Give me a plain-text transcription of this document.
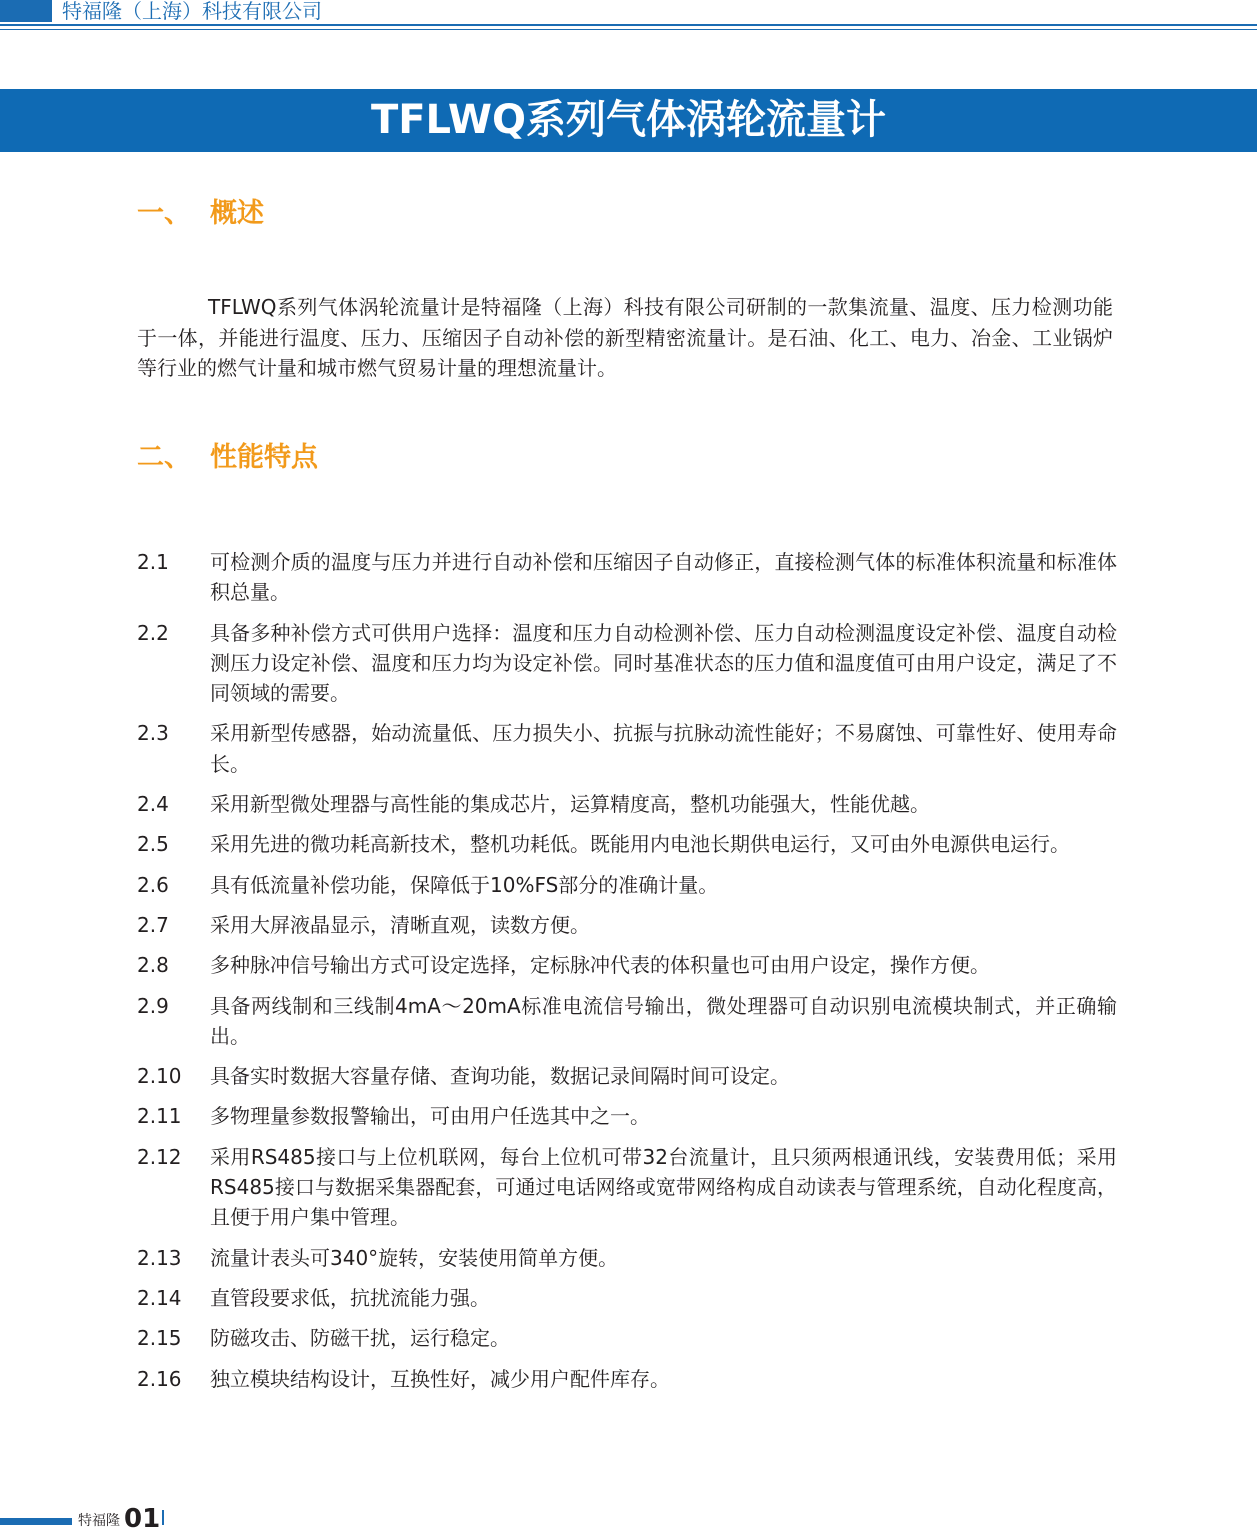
特福隆（上海）科技有限公司
TFLWQ系列气体涡轮流量计
一、 概述

TFLWQ系列气体涡轮流量计是特福隆（上海）科技有限公司研制的一款集流量、温度、压力检测功能于一体，并能进行温度、压力、压缩因子自动补偿的新型精密流量计。是石油、化工、电力、冶金、工业锅炉等行业的燃气计量和城市燃气贸易计量的理想流量计。

二、 性能特点
2.1 可检测介质的温度与压力并进行自动补偿和压缩因子自动修正，直接检测气体的标准体积流量和标准体积总量。
2.2 具备多种补偿方式可供用户选择：温度和压力自动检测补偿、压力自动检测温度设定补偿、温度自动检测压力设定补偿、温度和压力均为设定补偿。同时基准状态的压力值和温度值可由用户设定，满足了不同领域的需要。
2.3 采用新型传感器，始动流量低、压力损失小、抗振与抗脉动流性能好；不易腐蚀、可靠性好、使用寿命长。
2.4 采用新型微处理器与高性能的集成芯片，运算精度高，整机功能强大，性能优越。
2.5 采用先进的微功耗高新技术，整机功耗低。既能用内电池长期供电运行，又可由外电源供电运行。
2.6 具有低流量补偿功能，保障低于10%FS部分的准确计量。
2.7 采用大屏液晶显示，清晰直观，读数方便。
2.8 多种脉冲信号输出方式可设定选择，定标脉冲代表的体积量也可由用户设定，操作方便。
2.9 具备两线制和三线制4mA～20mA标准电流信号输出，微处理器可自动识别电流模块制式，并正确输出。
2.10 具备实时数据大容量存储、查询功能，数据记录间隔时间可设定。
2.11 多物理量参数报警输出，可由用户任选其中之一。
2.12 采用RS485接口与上位机联网，每台上位机可带32台流量计，且只须两根通讯线，安装费用低；采用RS485接口与数据采集器配套，可通过电话网络或宽带网络构成自动读表与管理系统，自动化程度高，且便于用户集中管理。
2.13 流量计表头可340°旋转，安装使用简单方便。
2.14 直管段要求低，抗扰流能力强。
2.15 防磁攻击、防磁干扰，运行稳定。
2.16 独立模块结构设计，互换性好，减少用户配件库存。
特福隆 01
